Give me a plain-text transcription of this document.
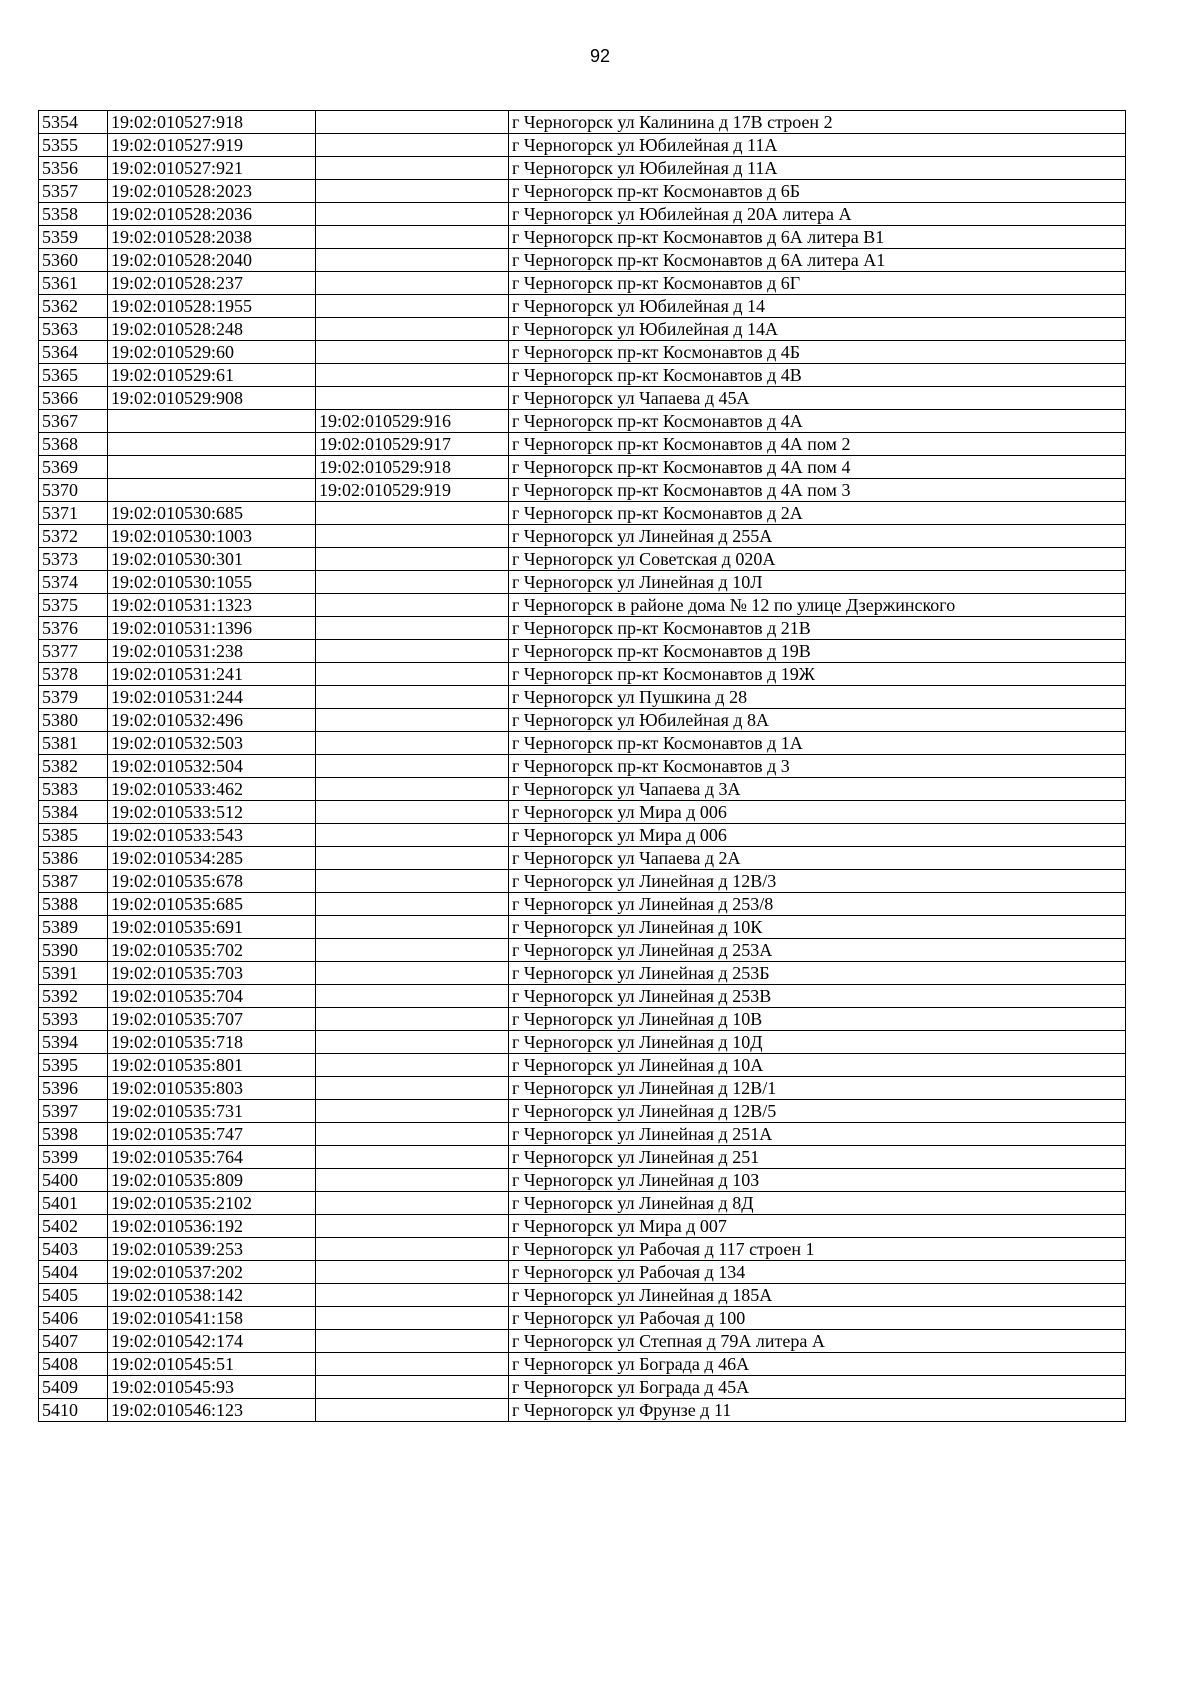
92
5354	19:02:010527:918		г Черногорск ул Калинина д 17В строен 2
5355	19:02:010527:919		г Черногорск ул Юбилейная д 11А
5356	19:02:010527:921		г Черногорск ул Юбилейная д 11А
5357	19:02:010528:2023		г Черногорск пр-кт Космонавтов д 6Б
5358	19:02:010528:2036		г Черногорск ул Юбилейная д 20А литера А
5359	19:02:010528:2038		г Черногорск пр-кт Космонавтов д 6А литера В1
5360	19:02:010528:2040		г Черногорск пр-кт Космонавтов д 6А литера А1
5361	19:02:010528:237		г Черногорск пр-кт Космонавтов д 6Г
5362	19:02:010528:1955		г Черногорск ул Юбилейная д 14
5363	19:02:010528:248		г Черногорск ул Юбилейная д 14А
5364	19:02:010529:60		г Черногорск пр-кт Космонавтов д 4Б
5365	19:02:010529:61		г Черногорск пр-кт Космонавтов д 4В
5366	19:02:010529:908		г Черногорск ул Чапаева д 45А
5367		19:02:010529:916	г Черногорск пр-кт Космонавтов д 4А
5368		19:02:010529:917	г Черногорск пр-кт Космонавтов д 4А пом 2
5369		19:02:010529:918	г Черногорск пр-кт Космонавтов д 4А пом 4
5370		19:02:010529:919	г Черногорск пр-кт Космонавтов д 4А пом 3
5371	19:02:010530:685		г Черногорск пр-кт Космонавтов д 2А
5372	19:02:010530:1003		г Черногорск ул Линейная д 255А
5373	19:02:010530:301		г Черногорск ул Советская д 020А
5374	19:02:010530:1055		г Черногорск ул Линейная д 10Л
5375	19:02:010531:1323		г Черногорск в районе дома № 12 по улице Дзержинского
5376	19:02:010531:1396		г Черногорск пр-кт Космонавтов д 21В
5377	19:02:010531:238		г Черногорск пр-кт Космонавтов д 19В
5378	19:02:010531:241		г Черногорск пр-кт Космонавтов д 19Ж
5379	19:02:010531:244		г Черногорск ул Пушкина д 28
5380	19:02:010532:496		г Черногорск ул Юбилейная д 8А
5381	19:02:010532:503		г Черногорск пр-кт Космонавтов д 1А
5382	19:02:010532:504		г Черногорск пр-кт Космонавтов д 3
5383	19:02:010533:462		г Черногорск ул Чапаева д 3А
5384	19:02:010533:512		г Черногорск ул Мира д 006
5385	19:02:010533:543		г Черногорск ул Мира д 006
5386	19:02:010534:285		г Черногорск ул Чапаева д 2А
5387	19:02:010535:678		г Черногорск ул Линейная д 12В/3
5388	19:02:010535:685		г Черногорск ул Линейная д 253/8
5389	19:02:010535:691		г Черногорск ул Линейная д 10К
5390	19:02:010535:702		г Черногорск ул Линейная д 253А
5391	19:02:010535:703		г Черногорск ул Линейная д 253Б
5392	19:02:010535:704		г Черногорск ул Линейная д 253В
5393	19:02:010535:707		г Черногорск ул Линейная д 10В
5394	19:02:010535:718		г Черногорск ул Линейная д 10Д
5395	19:02:010535:801		г Черногорск ул Линейная д 10А
5396	19:02:010535:803		г Черногорск ул Линейная д 12В/1
5397	19:02:010535:731		г Черногорск ул Линейная д 12В/5
5398	19:02:010535:747		г Черногорск ул Линейная д 251А
5399	19:02:010535:764		г Черногорск ул Линейная д 251
5400	19:02:010535:809		г Черногорск ул Линейная д 10З
5401	19:02:010535:2102		г Черногорск ул Линейная д 8Д
5402	19:02:010536:192		г Черногорск ул Мира д 007
5403	19:02:010539:253		г Черногорск ул Рабочая д 117 строен 1
5404	19:02:010537:202		г Черногорск ул Рабочая д 134
5405	19:02:010538:142		г Черногорск ул Линейная д 185А
5406	19:02:010541:158		г Черногорск ул Рабочая д 100
5407	19:02:010542:174		г Черногорск ул Степная д 79А литера А
5408	19:02:010545:51		г Черногорск ул Бограда д 46А
5409	19:02:010545:93		г Черногорск ул Бограда д 45А
5410	19:02:010546:123		г Черногорск ул Фрунзе д 11
